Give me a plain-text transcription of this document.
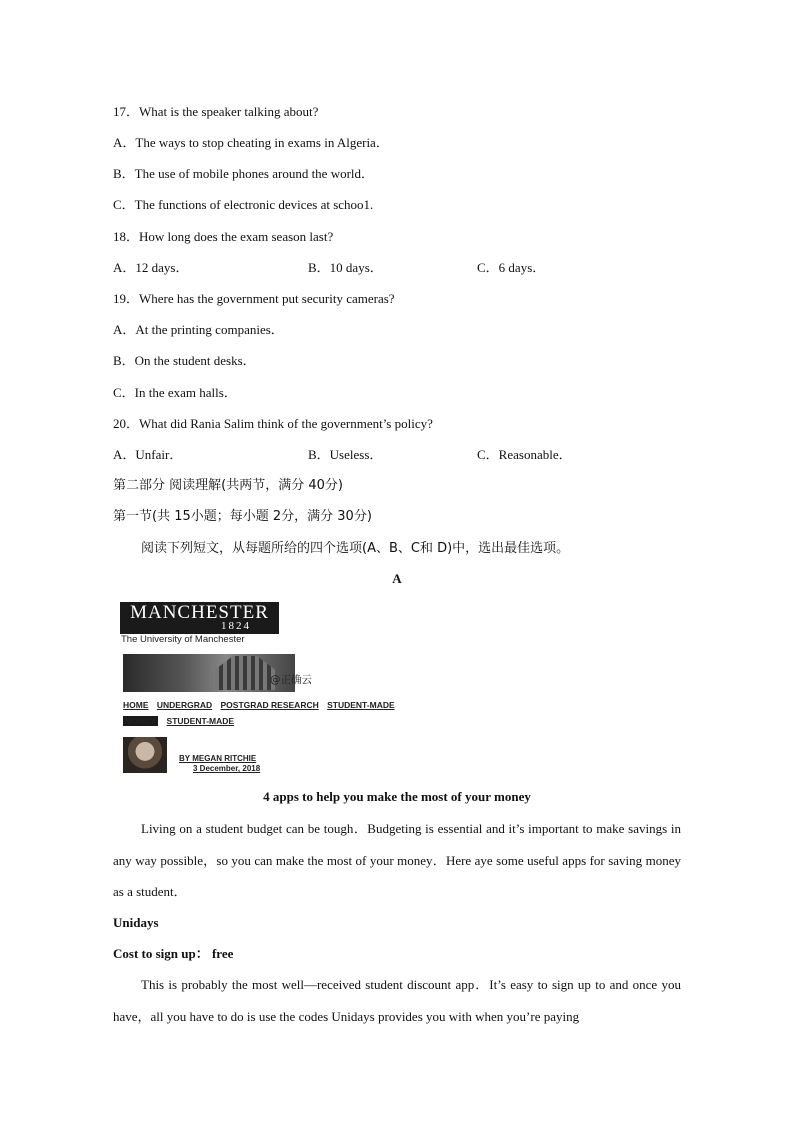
17．What is the speaker talking about?
A．The ways to stop cheating in exams in Algeria．
B．The use of mobile phones around the world．
C．The functions of electronic devices at schoo1.
18．How long does the exam season last?
A．12 days．	B．10 days．	C．6 days．
19．Where has the government put security cameras?
A．At the printing companies．
B．On the student desks．
C．In the exam halls．
20．What did Rania Salim think of the government’s policy?
A．Unfair．	B．Useless．	C．Reasonable．
第二部分 阅读理解(共两节，满分 40分)
第一节(共 15小题；每小题 2分，满分 30分)
阅读下列短文，从每题所给的四个选项(A、B、C和 D)中，选出最佳选项。
A
MANCHESTER
1824
The University of Manchester
@正确云
HOME UNDERGRAD POSTGRAD RESEARCH STUDENT-MADE
MONEY STUDENT-MADE
BY MEGAN RITCHIE
3 December, 2018
4 apps to help you make the most of your money

Living on a student budget can be tough．Budgeting is essential and it’s important to make savings in any way possible，so you can make the most of your money．Here aye some useful apps for saving money as a student．

Unidays
Cost to sign up： free

This is probably the most well—received student discount app．It’s easy to sign up to and once you have，all you have to do is use the codes Unidays provides you with when you’re paying
